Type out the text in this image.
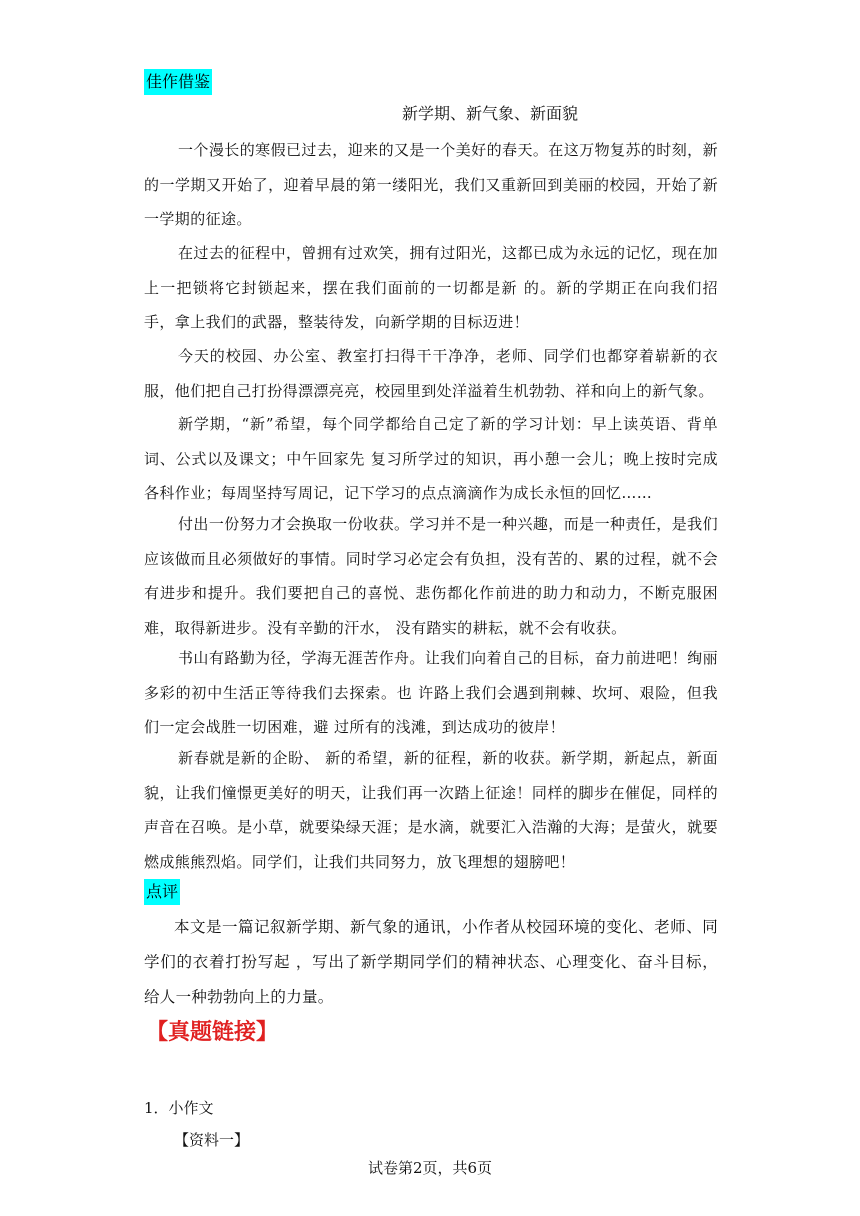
佳作借鉴
新学期、新气象、新面貌

一个漫长的寒假已过去，迎来的又是一个美好的春天。在这万物复苏的时刻，新的一学期又开始了，迎着早晨的第一缕阳光，我们又重新回到美丽的校园，开始了新一学期的征途。

在过去的征程中，曾拥有过欢笑，拥有过阳光，这都已成为永远的记忆，现在加上一把锁将它封锁起来，摆在我们面前的一切都是新 的。新的学期正在向我们招手，拿上我们的武器，整装待发，向新学期的目标迈进！

今天的校园、办公室、教室打扫得干干净净，老师、同学们也都穿着崭新的衣服，他们把自己打扮得漂漂亮亮，校园里到处洋溢着生机勃勃、祥和向上的新气象。

新学期，“新”希望，每个同学都给自己定了新的学习计划：早上读英语、背单词、公式以及课文；中午回家先 复习所学过的知识，再小憩一会儿；晚上按时完成各科作业；每周坚持写周记，记下学习的点点滴滴作为成长永恒的回忆……

付出一份努力才会换取一份收获。学习并不是一种兴趣，而是一种责任，是我们应该做而且必须做好的事情。同时学习必定会有负担，没有苦的、累的过程，就不会有进步和提升。我们要把自己的喜悦、悲伤都化作前进的助力和动力，不断克服困难，取得新进步。没有辛勤的汗水， 没有踏实的耕耘，就不会有收获。

书山有路勤为径，学海无涯苦作舟。让我们向着自己的目标，奋力前进吧！绚丽多彩的初中生活正等待我们去探索。也 许路上我们会遇到荆棘、坎坷、艰险，但我们一定会战胜一切困难，避 过所有的浅滩，到达成功的彼岸！

新春就是新的企盼、 新的希望，新的征程，新的收获。新学期，新起点，新面貌，让我们憧憬更美好的明天，让我们再一次踏上征途！同样的脚步在催促，同样的声音在召唤。是小草，就要染绿天涯；是水滴，就要汇入浩瀚的大海；是萤火，就要燃成熊熊烈焰。同学们，让我们共同努力，放飞理想的翅膀吧！

点评

本文是一篇记叙新学期、新气象的通讯，小作者从校园环境的变化、老师、同学们的衣着打扮写起 ，写出了新学期同学们的精神状态、心理变化、奋斗目标，给人一种勃勃向上的力量。

【真题链接】
1．小作文
【资料一】
试卷第2页，共6页
